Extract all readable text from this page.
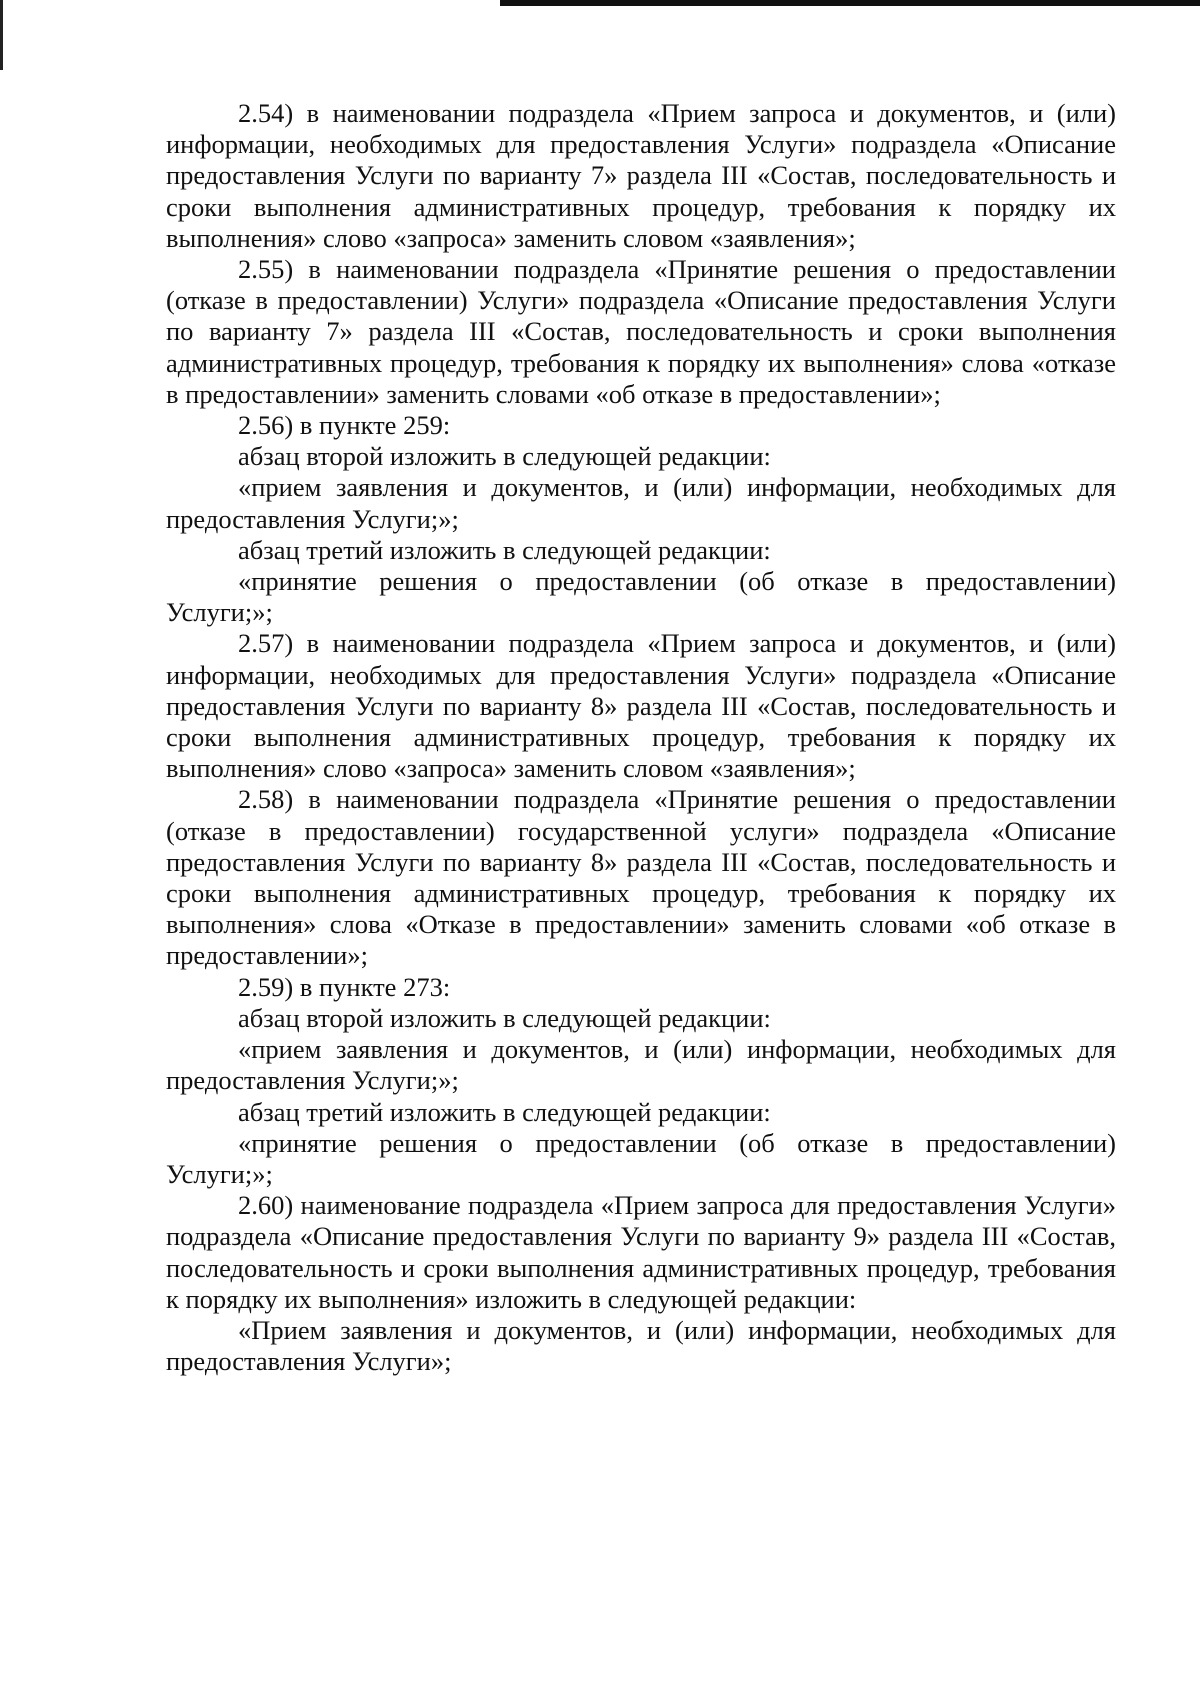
2.54) в наименовании подраздела «Прием запроса и документов, и (или) информации, необходимых для предоставления Услуги» подраздела «Описание предоставления Услуги по варианту 7» раздела III «Состав, последовательность и сроки выполнения административных процедур, требования к порядку их выполнения» слово «запроса» заменить словом «заявления»;

2.55) в наименовании подраздела «Принятие решения о предоставлении (отказе в предоставлении) Услуги» подраздела «Описание предоставления Услуги по варианту 7» раздела III «Состав, последовательность и сроки выполнения административных процедур, требования к порядку их выполнения» слова «отказе в предоставлении» заменить словами «об отказе в предоставлении»;

2.56) в пункте 259:

абзац второй изложить в следующей редакции:

«прием заявления и документов, и (или) информации, необходимых для предоставления Услуги;»;

абзац третий изложить в следующей редакции:

«принятие решения о предоставлении (об отказе в предоставлении) Услуги;»;

2.57) в наименовании подраздела «Прием запроса и документов, и (или) информации, необходимых для предоставления Услуги» подраздела «Описание предоставления Услуги по варианту 8» раздела III «Состав, последовательность и сроки выполнения административных процедур, требования к порядку их выполнения» слово «запроса» заменить словом «заявления»;

2.58) в наименовании подраздела «Принятие решения о предоставлении (отказе в предоставлении) государственной услуги» подраздела «Описание предоставления Услуги по варианту 8» раздела III «Состав, последовательность и сроки выполнения административных процедур, требования к порядку их выполнения» слова «Отказе в предоставлении» заменить словами «об отказе в предоставлении»;

2.59) в пункте 273:

абзац второй изложить в следующей редакции:

«прием заявления и документов, и (или) информации, необходимых для предоставления Услуги;»;

абзац третий изложить в следующей редакции:

«принятие решения о предоставлении (об отказе в предоставлении) Услуги;»;

2.60) наименование подраздела «Прием запроса для предоставления Услуги» подраздела «Описание предоставления Услуги по варианту 9» раздела III «Состав, последовательность и сроки выполнения административных процедур, требования к порядку их выполнения» изложить в следующей редакции:

«Прием заявления и документов, и (или) информации, необходимых для предоставления Услуги»;
